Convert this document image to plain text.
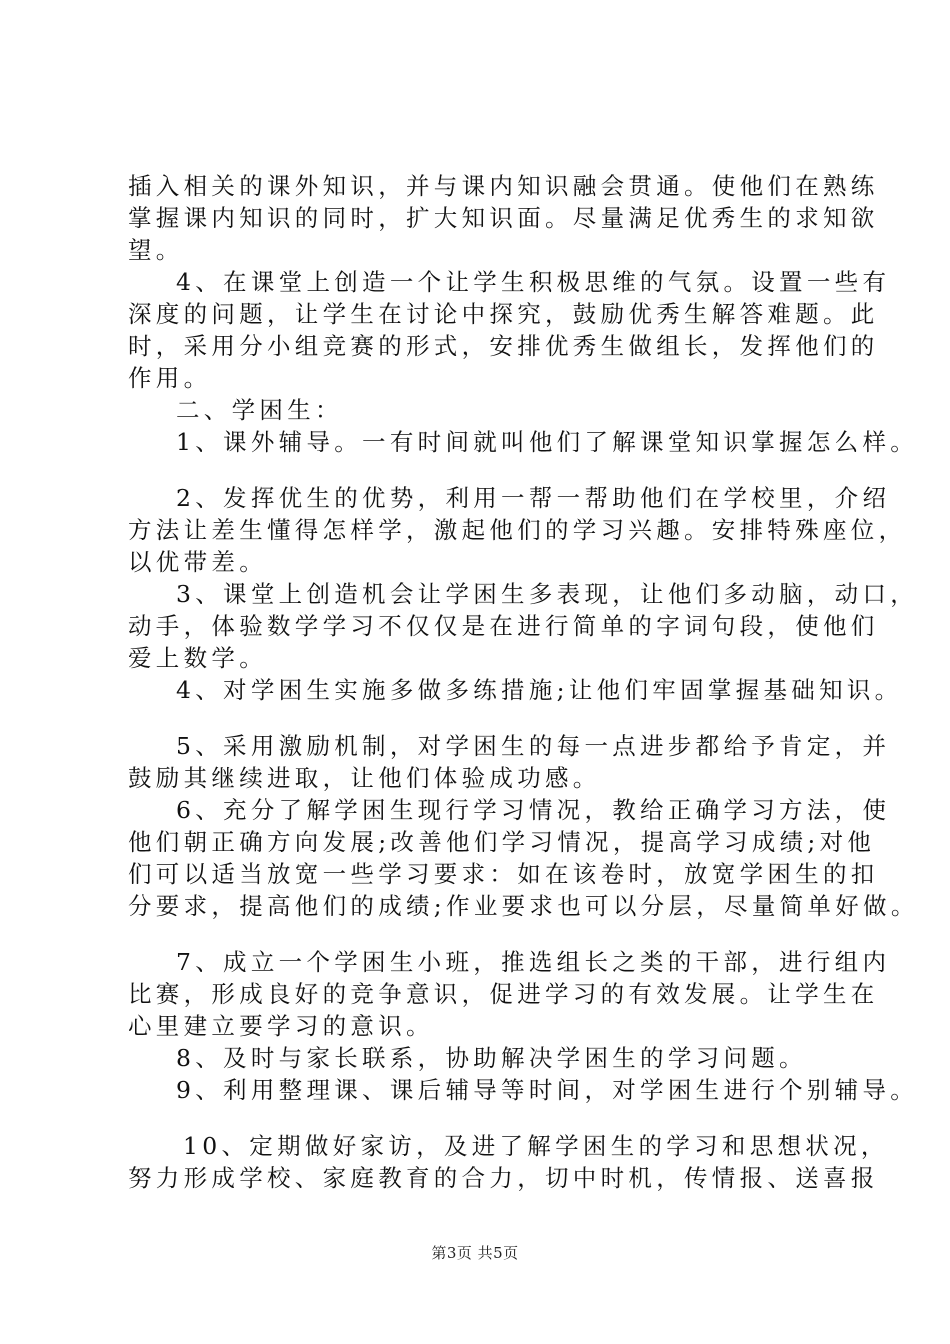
插入相关的课外知识，并与课内知识融会贯通。使他们在熟练
掌握课内知识的同时，扩大知识面。尽量满足优秀生的求知欲
望。
4、在课堂上创造一个让学生积极思维的气氛。设置一些有
深度的问题，让学生在讨论中探究，鼓励优秀生解答难题。此
时，采用分小组竞赛的形式，安排优秀生做组长，发挥他们的
作用。
二、学困生：
1、课外辅导。一有时间就叫他们了解课堂知识掌握怎么样。
2、发挥优生的优势，利用一帮一帮助他们在学校里，介绍
方法让差生懂得怎样学，激起他们的学习兴趣。安排特殊座位，
以优带差。
3、课堂上创造机会让学困生多表现，让他们多动脑，动口，
动手，体验数学学习不仅仅是在进行简单的字词句段，使他们
爱上数学。
4、对学困生实施多做多练措施;让他们牢固掌握基础知识。
5、采用激励机制，对学困生的每一点进步都给予肯定，并
鼓励其继续进取，让他们体验成功感。
6、充分了解学困生现行学习情况，教给正确学习方法，使
他们朝正确方向发展;改善他们学习情况，提高学习成绩;对他
们可以适当放宽一些学习要求：如在该卷时，放宽学困生的扣
分要求，提高他们的成绩;作业要求也可以分层，尽量简单好做。
7、成立一个学困生小班，推选组长之类的干部，进行组内
比赛，形成良好的竞争意识，促进学习的有效发展。让学生在
心里建立要学习的意识。
8、及时与家长联系，协助解决学困生的学习问题。
9、利用整理课、课后辅导等时间，对学困生进行个别辅导。
10、定期做好家访，及进了解学困生的学习和思想状况，
努力形成学校、家庭教育的合力，切中时机，传情报、送喜报
第3页 共5页
